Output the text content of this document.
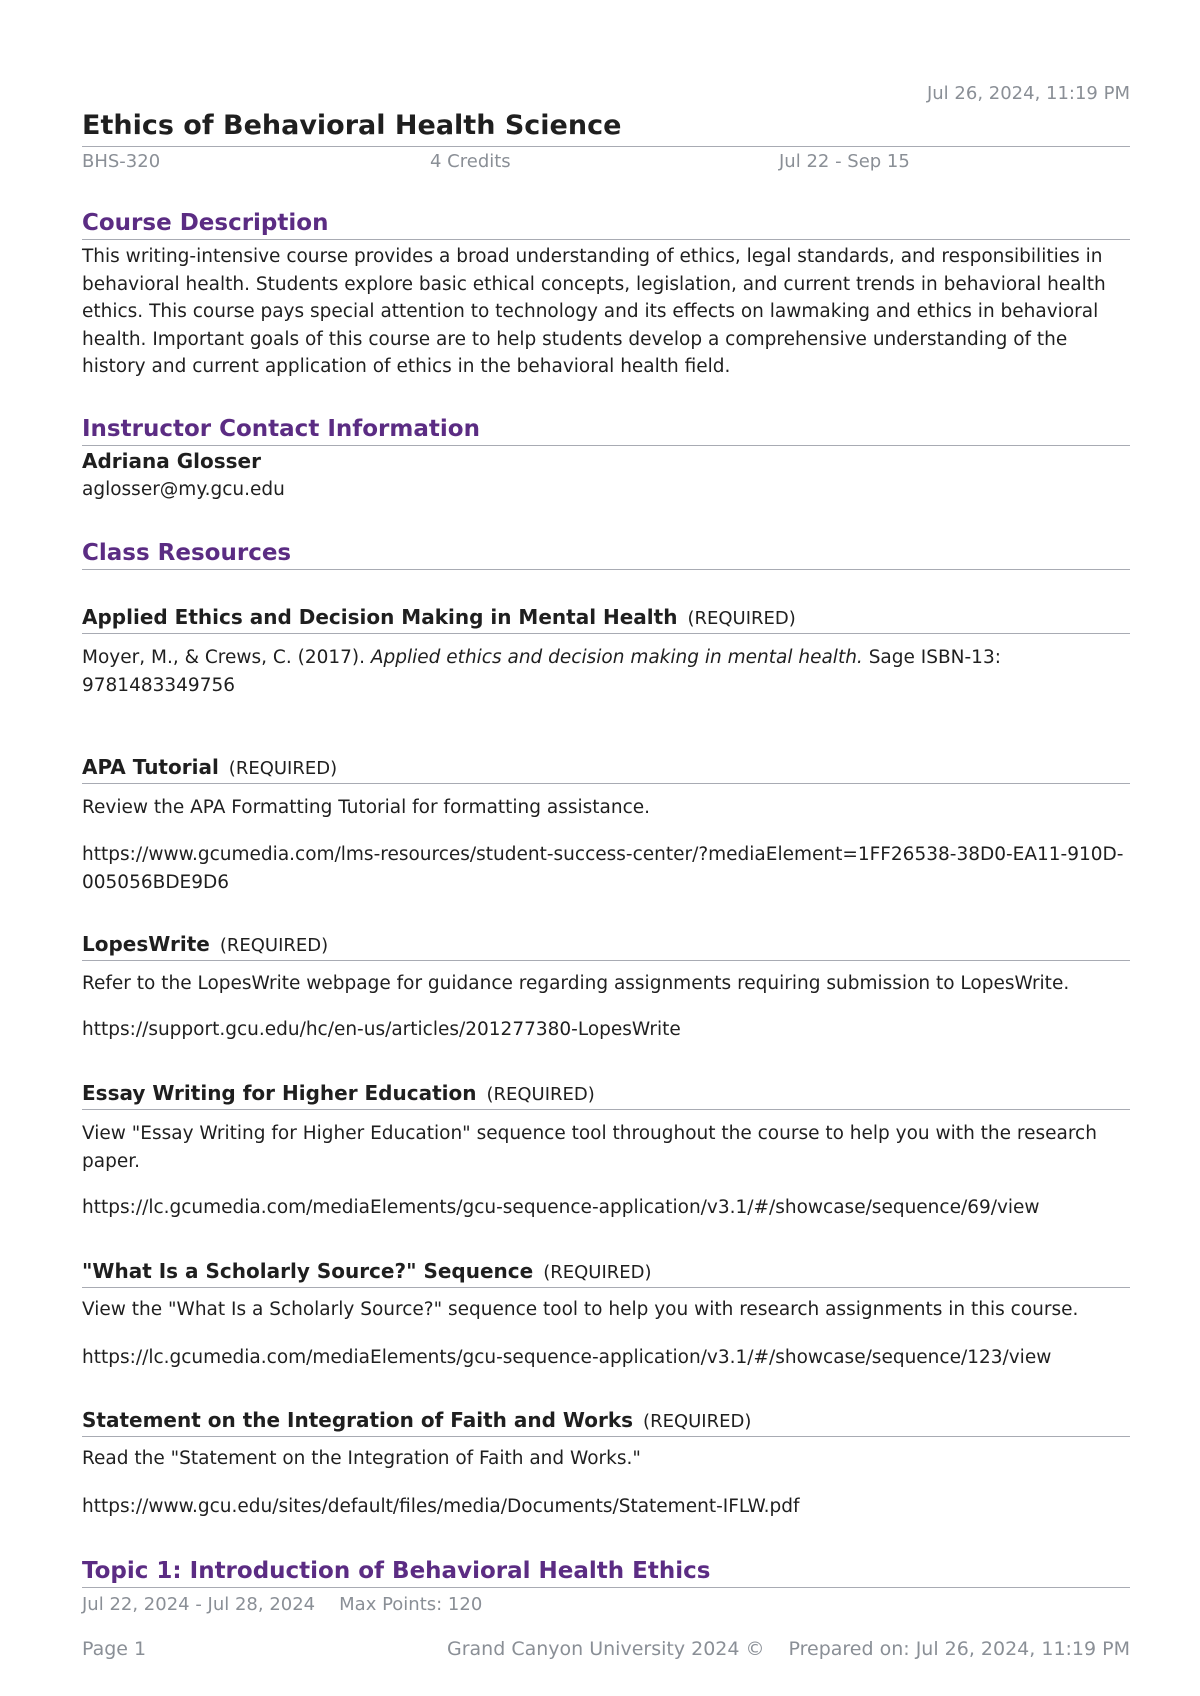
Jul 26, 2024, 11:19 PM
Ethics of Behavioral Health Science
BHS-320	4 Credits	Jul 22 - Sep 15
Course Description
This writing-intensive course provides a broad understanding of ethics, legal standards, and responsibilities in behavioral health. Students explore basic ethical concepts, legislation, and current trends in behavioral health ethics. This course pays special attention to technology and its effects on lawmaking and ethics in behavioral health. Important goals of this course are to help students develop a comprehensive understanding of the history and current application of ethics in the behavioral health field.
Instructor Contact Information
Adriana Glosser
aglosser@my.gcu.edu
Class Resources
Applied Ethics and Decision Making in Mental Health (REQUIRED)
Moyer, M., & Crews, C. (2017). Applied ethics and decision making in mental health. Sage ISBN-13: 9781483349756
APA Tutorial (REQUIRED)
Review the APA Formatting Tutorial for formatting assistance.
https://www.gcumedia.com/lms-resources/student-success-center/?mediaElement=1FF26538-38D0-EA11-910D-005056BDE9D6
LopesWrite (REQUIRED)
Refer to the LopesWrite webpage for guidance regarding assignments requiring submission to LopesWrite.
https://support.gcu.edu/hc/en-us/articles/201277380-LopesWrite
Essay Writing for Higher Education (REQUIRED)
View "Essay Writing for Higher Education" sequence tool throughout the course to help you with the research paper.
https://lc.gcumedia.com/mediaElements/gcu-sequence-application/v3.1/#/showcase/sequence/69/view
"What Is a Scholarly Source?" Sequence (REQUIRED)
View the "What Is a Scholarly Source?" sequence tool to help you with research assignments in this course.
https://lc.gcumedia.com/mediaElements/gcu-sequence-application/v3.1/#/showcase/sequence/123/view
Statement on the Integration of Faith and Works (REQUIRED)
Read the "Statement on the Integration of Faith and Works."
https://www.gcu.edu/sites/default/files/media/Documents/Statement-IFLW.pdf
Topic 1: Introduction of Behavioral Health Ethics
Jul 22, 2024 - Jul 28, 2024 Max Points: 120
Page 1	Grand Canyon University 2024 © Prepared on: Jul 26, 2024, 11:19 PM
